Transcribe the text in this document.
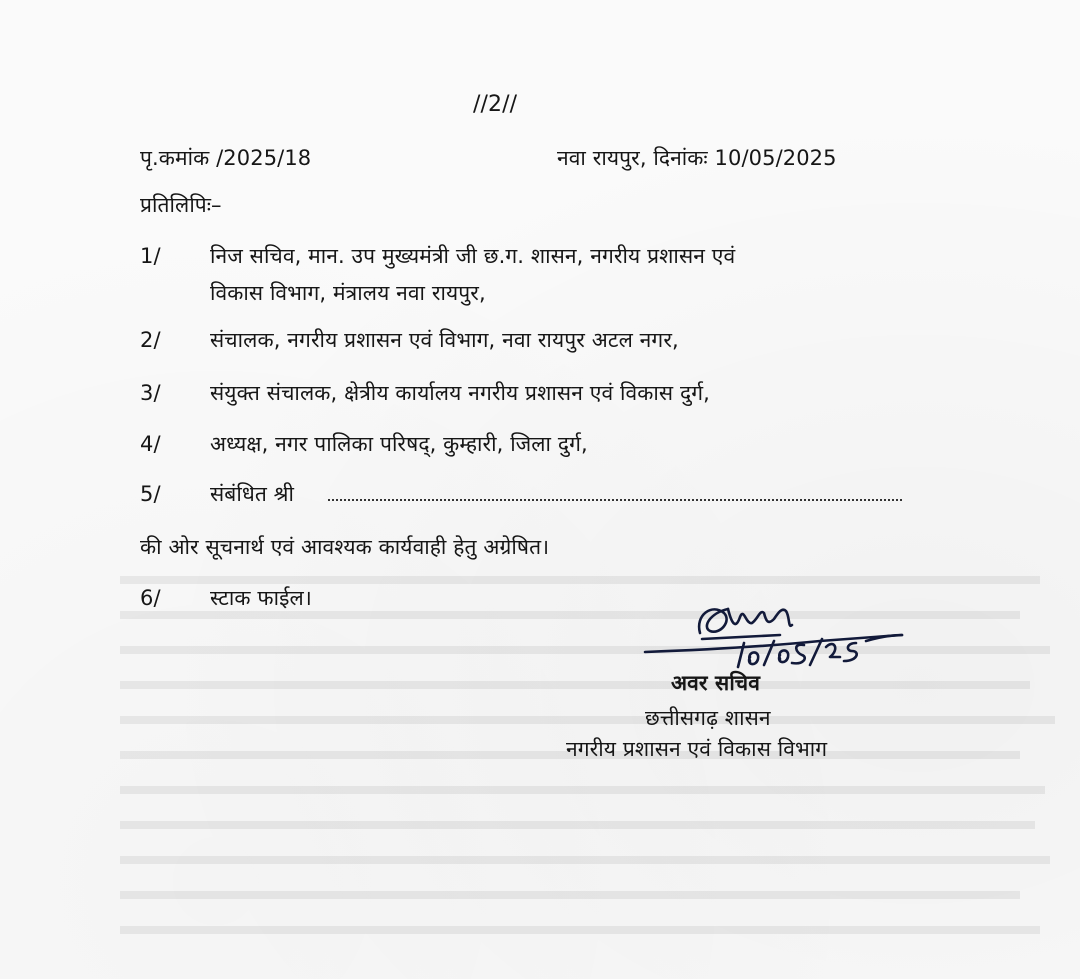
//2//
पृ.कमांक /2025/18	नवा रायपुर, दिनांकः 10/05/2025
प्रतिलिपिः–
1/ निज सचिव, मान. उप मुख्यमंत्री जी छ.ग. शासन, नगरीय प्रशासन एवं
विकास विभाग, मंत्रालय नवा रायपुर,
2/ संचालक, नगरीय प्रशासन एवं विभाग, नवा रायपुर अटल नगर,
3/ संयुक्त संचालक, क्षेत्रीय कार्यालय नगरीय प्रशासन एवं विकास दुर्ग,
4/ अध्यक्ष, नगर पालिका परिषद्, कुम्हारी, जिला दुर्ग,
5/ संबंधित श्री
की ओर सूचनार्थ एवं आवश्यक कार्यवाही हेतु अग्रेषित।
6/ स्टाक फाईल।
अवर सचिव
छत्तीसगढ़ शासन
नगरीय प्रशासन एवं विकास विभाग
